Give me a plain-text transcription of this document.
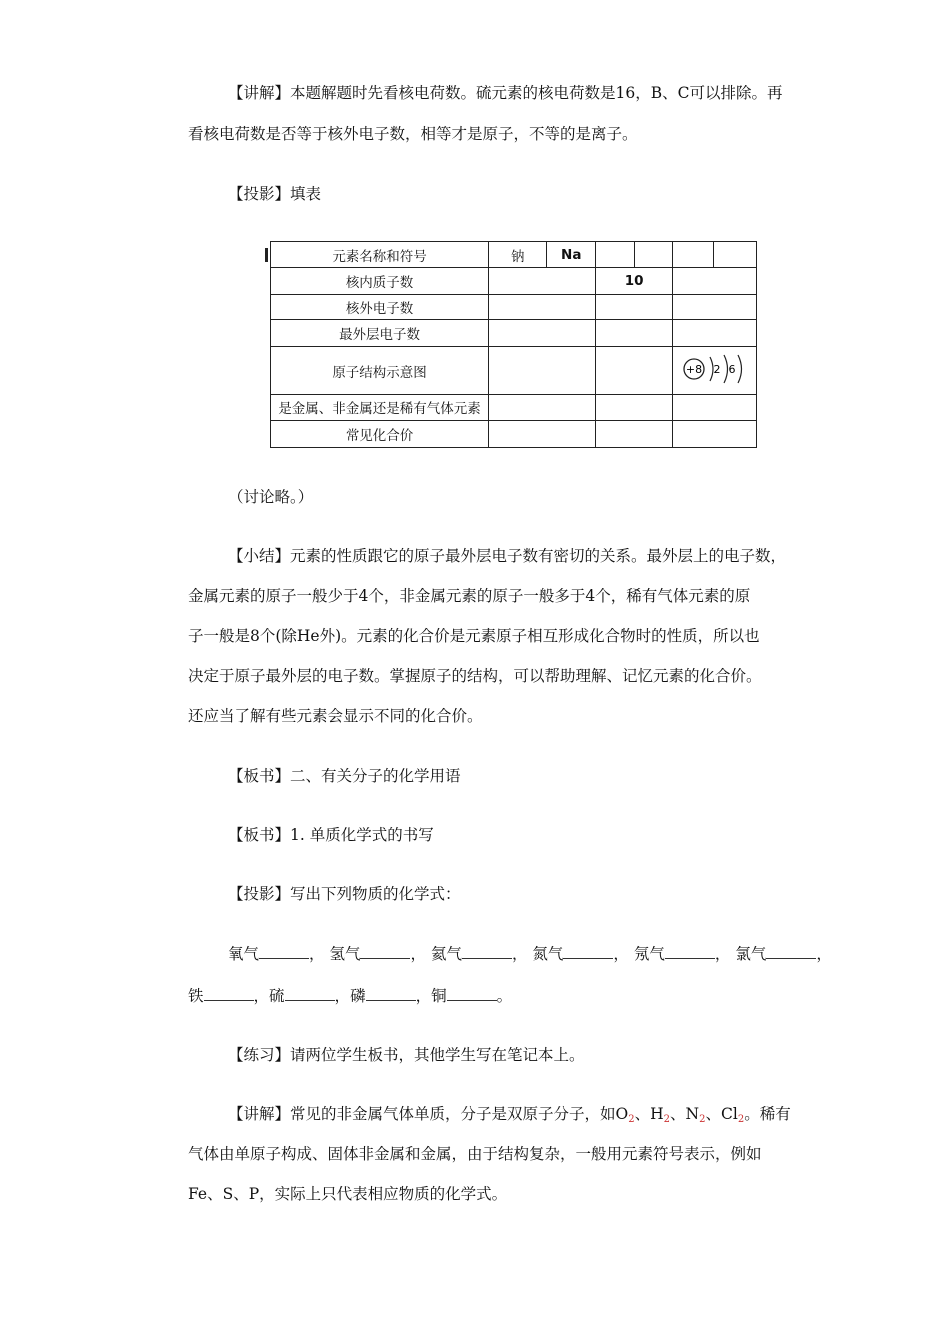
【讲解】本题解题时先看核电荷数。硫元素的核电荷数是16，B、C可以排除。再
看核电荷数是否等于核外电子数，相等才是原子，不等的是离子。
【投影】填表
元素名称和符号	钠	Na				
核内质子数			10			
核外电子数						
最外层电子数						
原子结构示意图					+8 2 6	

是金属、非金属还是稀有气体元素						
常见化合价						
（讨论略。）
【小结】元素的性质跟它的原子最外层电子数有密切的关系。最外层上的电子数，
金属元素的原子一般少于4个，非金属元素的原子一般多于4个，稀有气体元素的原
子一般是8个(除He外)。元素的化合价是元素原子相互形成化合物时的性质，所以也
决定于原子最外层的电子数。掌握原子的结构，可以帮助理解、记忆元素的化合价。
还应当了解有些元素会显示不同的化合价。
【板书】二、有关分子的化学用语
【板书】1. 单质化学式的书写
【投影】写出下列物质的化学式：
氧气	， 氢气	， 氦气	， 氮气	， 氖气	， 氯气	，
铁	，硫	，磷	，铜	。
【练习】请两位学生板书，其他学生写在笔记本上。
【讲解】常见的非金属气体单质，分子是双原子分子，如$O_2$、$H_2$、$N_2$、$Cl_2$。稀有
气体由单原子构成、固体非金属和金属，由于结构复杂，一般用元素符号表示，例如
Fe、S、P，实际上只代表相应物质的化学式。
